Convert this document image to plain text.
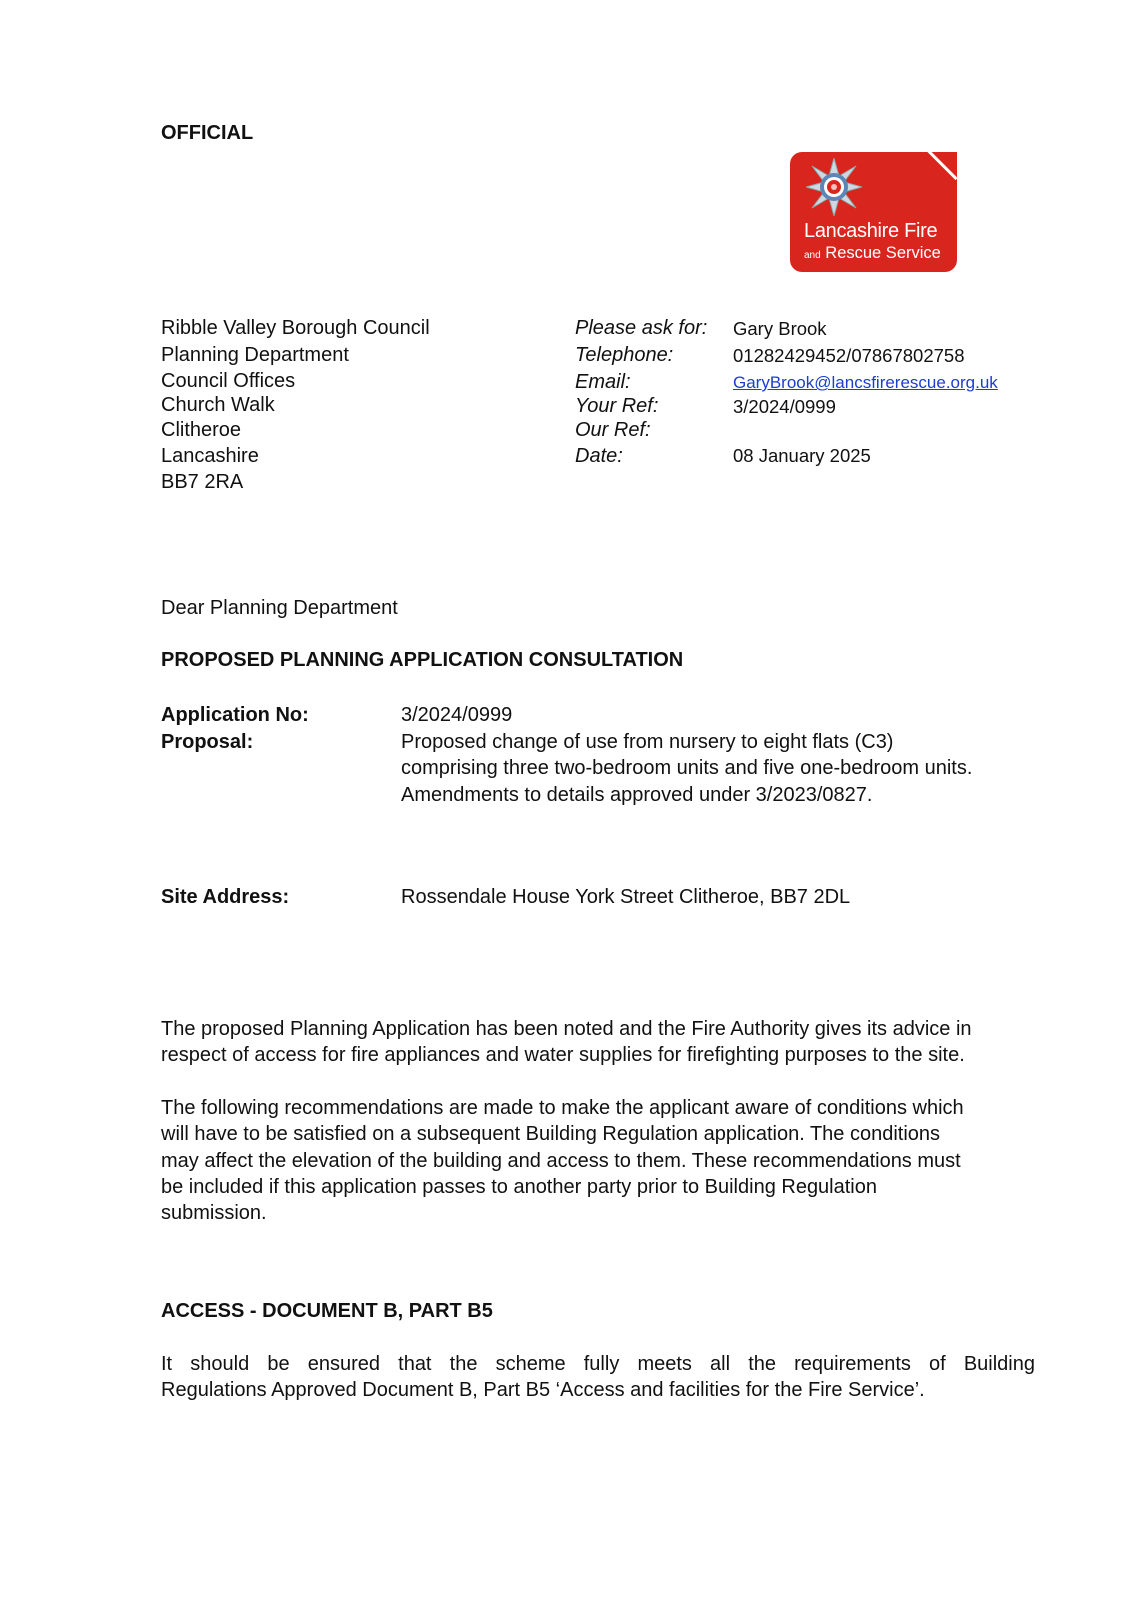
OFFICIAL
Lancashire Fire
and Rescue Service
Ribble Valley Borough Council
Planning Department
Council Offices
Church Walk
Clitheroe
Lancashire
BB7 2RA
Please ask for: Gary Brook
Telephone:	01282429452/07867802758
Email:	GaryBrook@lancsfirerescue.org.uk
Your Ref:	3/2024/0999
Our Ref:
Date:	08 January 2025
Dear Planning Department
PROPOSED PLANNING APPLICATION CONSULTATION
Application No:	3/2024/0999
Proposal:	Proposed change of use from nursery to eight flats (C3)
comprising three two-bedroom units and five one-bedroom units.
Amendments to details approved under 3/2023/0827.
Site Address:	Rossendale House York Street Clitheroe, BB7 2DL
The proposed Planning Application has been noted and the Fire Authority gives its advice in
respect of access for fire appliances and water supplies for firefighting purposes to the site.
The following recommendations are made to make the applicant aware of conditions which
will have to be satisfied on a subsequent Building Regulation application. The conditions
may affect the elevation of the building and access to them. These recommendations must
be included if this application passes to another party prior to Building Regulation
submission.
ACCESS - DOCUMENT B, PART B5
It should be ensured that the scheme fully meets all the requirements of Building
Regulations Approved Document B, Part B5 ‘Access and facilities for the Fire Service’.
